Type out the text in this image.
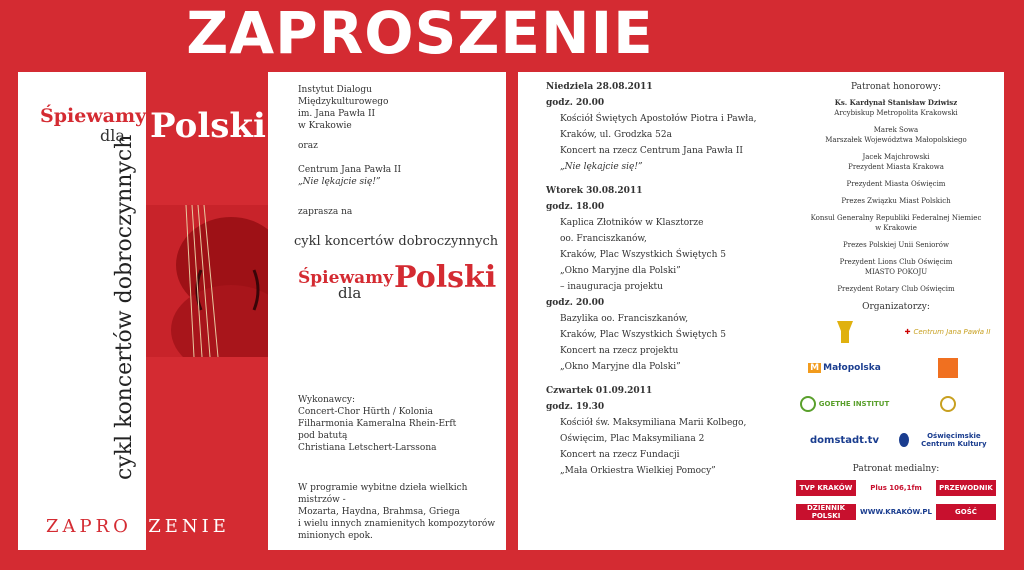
ZAPROSZENIE
Śpiewamy
dla Polski
cykl koncertów dobroczynnych
ZAPROSZENIE
Instytut Dialogu
Międzykulturowego
im. Jana Pawła II
w Krakowie
oraz
Centrum Jana Pawła II
„Nie lękajcie się!”
zaprasza na
cykl koncertów dobroczynnych
Śpiewamy
dla Polski
Wykonawcy:
Concert-Chor Hürth / Kolonia
Filharmonia Kameralna Rhein-Erft
pod batutą
Christiana Letschert-Larssona
W programie wybitne dzieła wielkich mistrzów -
Mozarta, Haydna, Brahmsa, Griega
i wielu innych znamienitych kompozytorów
minionych epok.
Niedziela 28.08.2011
godz. 20.00
Kościół Świętych Apostołów Piotra i Pawła,
Kraków, ul. Grodzka 52a
Koncert na rzecz Centrum Jana Pawła II
„Nie lękajcie się!”
Wtorek 30.08.2011
godz. 18.00
Kaplica Złotników w Klasztorze
oo. Franciszkanów,
Kraków, Plac Wszystkich Świętych 5
„Okno Maryjne dla Polski”
– inauguracja projektu
godz. 20.00
Bazylika oo. Franciszkanów,
Kraków, Plac Wszystkich Świętych 5
Koncert na rzecz projektu
„Okno Maryjne dla Polski”
Czwartek 01.09.2011
godz. 19.30
Kościół św. Maksymiliana Marii Kolbego,
Oświęcim, Plac Maksymiliana 2
Koncert na rzecz Fundacji
„Mała Orkiestra Wielkiej Pomocy”
Patronat honorowy:
Ks. Kardynał Stanisław Dziwisz
Arcybiskup Metropolita Krakowski
Marek Sowa
Marszałek Województwa Małopolskiego
Jacek Majchrowski
Prezydent Miasta Krakowa
Prezydent Miasta Oświęcim
Prezes Związku Miast Polskich
Konsul Generalny Republiki Federalnej Niemiec
w Krakowie
Prezes Polskiej Unii Seniorów
Prezydent Lions Club Oświęcim
MIASTO POKOJU
Prezydent Rotary Club Oświęcim
Organizatorzy:
✚ Centrum Jana Pawła II
M Małopolska
GOETHE INSTITUT
domstadt.tv	Oświęcimskie Centrum Kultury
Patronat medialny:
TVP KRAKÓW	Plus 106,1fm	PRZEWODNIK
DZIENNIK POLSKI	WWW.KRAKÓW.PL	GOŚĆ
